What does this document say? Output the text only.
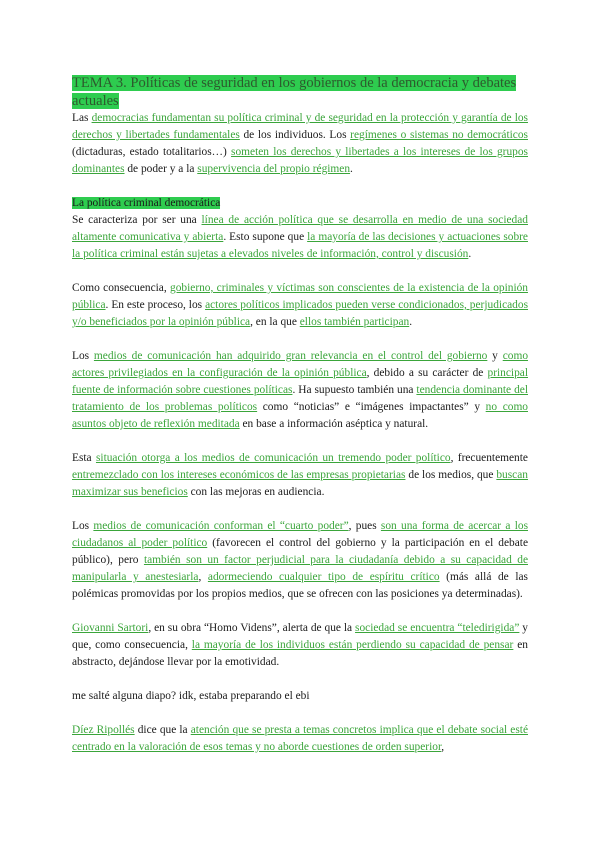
TEMA 3. Políticas de seguridad en los gobiernos de la democracia y debates actuales

Las democracias fundamentan su política criminal y de seguridad en la protección y garantía de los derechos y libertades fundamentales de los individuos. Los regímenes o sistemas no democráticos (dictaduras, estado totalitarios…) someten los derechos y libertades a los intereses de los grupos dominantes de poder y a la supervivencia del propio régimen.

La política criminal democrática

Se caracteriza por ser una línea de acción política que se desarrolla en medio de una sociedad altamente comunicativa y abierta. Esto supone que la mayoría de las decisiones y actuaciones sobre la política criminal están sujetas a elevados niveles de información, control y discusión.

Como consecuencia, gobierno, criminales y víctimas son conscientes de la existencia de la opinión pública. En este proceso, los actores políticos implicados pueden verse condicionados, perjudicados y/o beneficiados por la opinión pública, en la que ellos también participan.

Los medios de comunicación han adquirido gran relevancia en el control del gobierno y como actores privilegiados en la configuración de la opinión pública, debido a su carácter de principal fuente de información sobre cuestiones políticas. Ha supuesto también una tendencia dominante del tratamiento de los problemas políticos como “noticias” e “imágenes impactantes” y no como asuntos objeto de reflexión meditada en base a información aséptica y natural.

Esta situación otorga a los medios de comunicación un tremendo poder político, frecuentemente entremezclado con los intereses económicos de las empresas propietarias de los medios, que buscan maximizar sus beneficios con las mejoras en audiencia.

Los medios de comunicación conforman el “cuarto poder”, pues son una forma de acercar a los ciudadanos al poder político (favorecen el control del gobierno y la participación en el debate público), pero también son un factor perjudicial para la ciudadanía debido a su capacidad de manipularla y anestesiarla, adormeciendo cualquier tipo de espíritu crítico (más allá de las polémicas promovidas por los propios medios, que se ofrecen con las posiciones ya determinadas).

Giovanni Sartori, en su obra “Homo Videns”, alerta de que la sociedad se encuentra “teledirigida” y que, como consecuencia, la mayoría de los individuos están perdiendo su capacidad de pensar en abstracto, dejándose llevar por la emotividad.

me salté alguna diapo? idk, estaba preparando el ebi

Díez Ripollés dice que la atención que se presta a temas concretos implica que el debate social esté centrado en la valoración de esos temas y no aborde cuestiones de orden superior,
